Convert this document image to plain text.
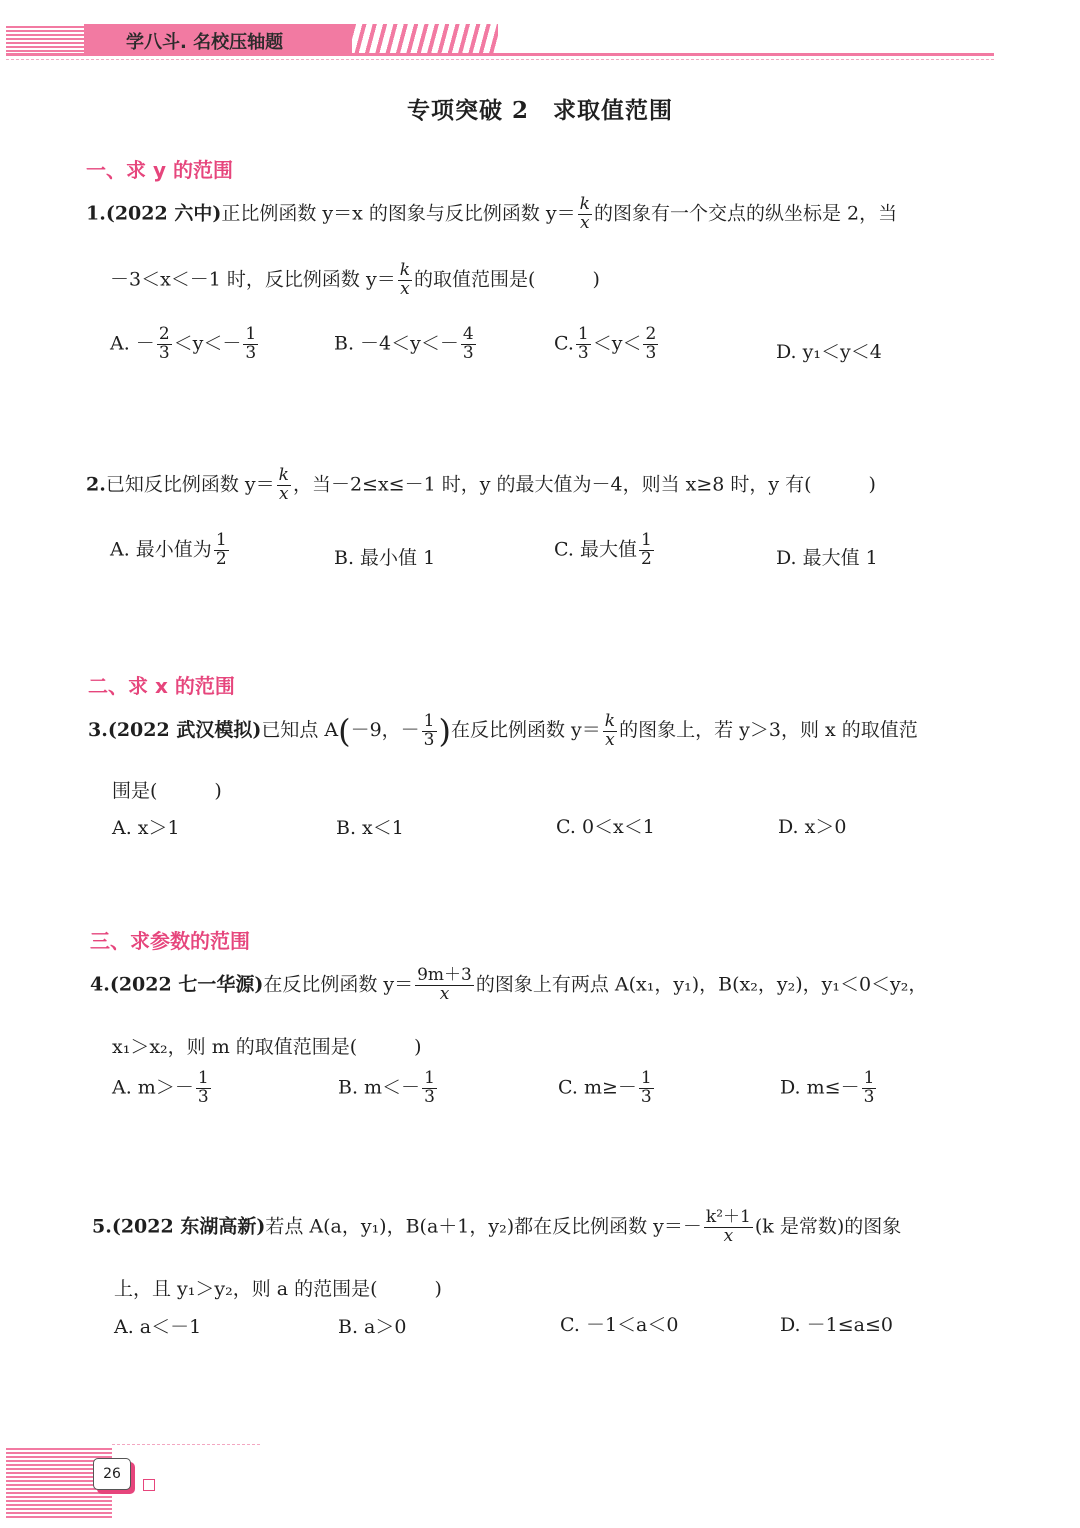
学八斗. 名校压轴题
专项突破 2　求取值范围
一、求 y 的范围
1.(2022 六中)正比例函数 y＝x 的图象与反比例函数 $y= \frac{k}{x}$ 的图象有一个交点的纵坐标是 2，当
－3＜x＜－1 时，反比例函数 $y= \frac{k}{x}$ 的取值范围是(　　　)
A. － $\frac{2}{3} <y<- \frac{1}{3}$	B. $-4<y<- \frac{4}{3}$	C. $\frac{1}{3} <y< \frac{2}{3}$	D. y₁＜y＜4
2.已知反比例函数 $y= \frac{k}{x}$ ，当－2≤x≤－1 时，y 的最大值为－4，则当 x≥8 时，y 有(　　　)
A. 最小值为 $\frac{1}{2}$	B. 最小值 1	C. 最大值 $\frac{1}{2}$	D. 最大值 1
二、求 x 的范围
3.(2022 武汉模拟)已知点 A(－9，－ $\frac{1}{3}$ )在反比例函数 $y= \frac{k}{x}$ 的图象上，若 y＞3，则 x 的取值范
围是(　　　)
A. x＞1	B. x＜1	C. 0＜x＜1	D. x＞0
三、求参数的范围
4.(2022 七一华源)在反比例函数 $y= \frac{9m+3}{x}$ 的图象上有两点 A(x₁，y₁)，B(x₂，y₂)，y₁＜0＜y₂，
x₁＞x₂，则 m 的取值范围是(　　　)
A. $m>- \frac{1}{3}$	B. $m<- \frac{1}{3}$	C. $m\ge- \frac{1}{3}$	D. $m\le- \frac{1}{3}$
5.(2022 东湖高新)若点 A(a，y₁)，B(a＋1，y₂)都在反比例函数 $y=- \frac{\text{k²＋1}}{x} (k$ 是常数)的图象
上，且 y₁＞y₂，则 a 的范围是(　　　)
A. a＜－1	B. a＞0	C. －1＜a＜0	D. －1≤a≤0
26
